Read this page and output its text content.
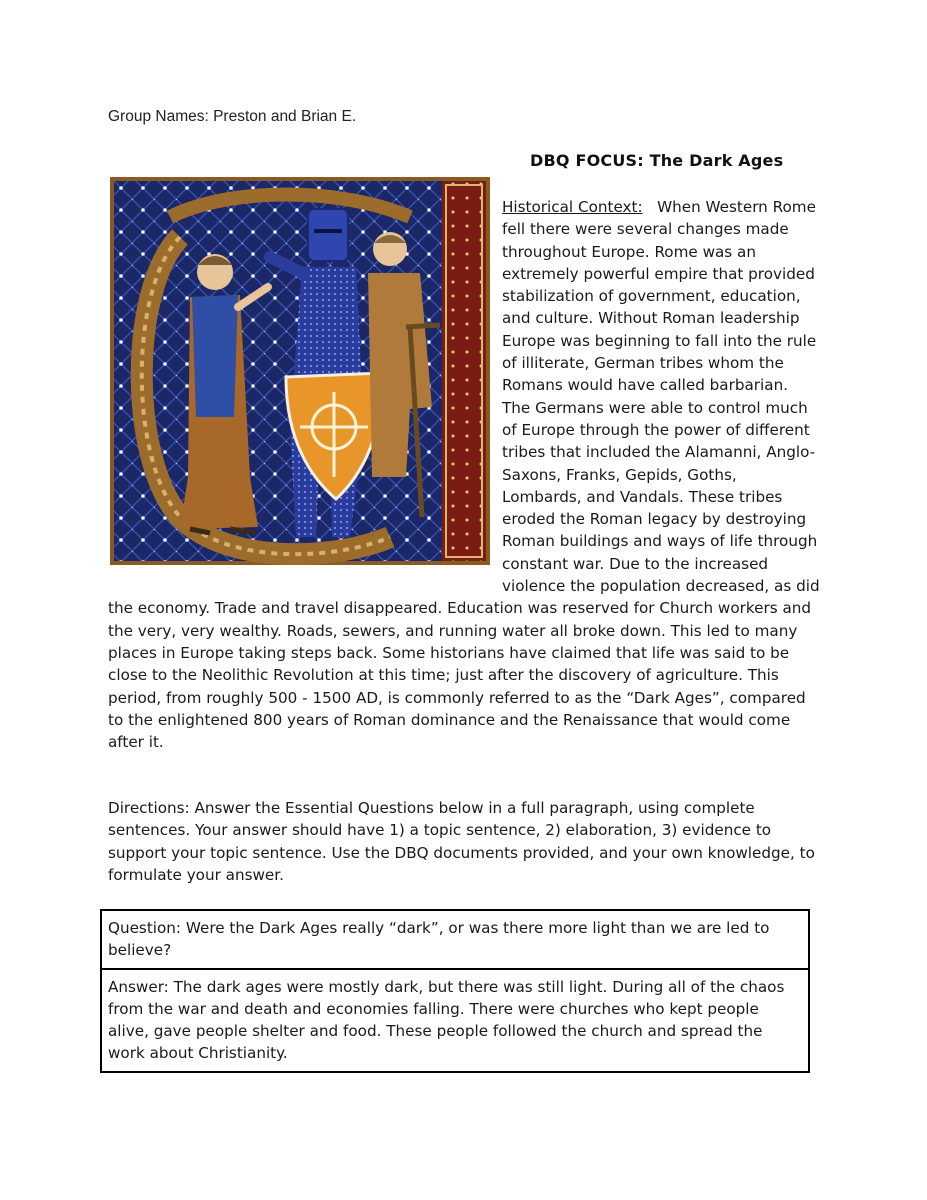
Group Names: Preston and Brian E.
DBQ FOCUS: The Dark Ages
Historical Context: When Western Rome fell there were several changes made throughout Europe. Rome was an extremely powerful empire that provided stabilization of government, education, and culture. Without Roman leadership Europe was beginning to fall into the rule of illiterate, German tribes whom the Romans would have called barbarian. The Germans were able to control much of Europe through the power of different tribes that included the Alamanni, Anglo-Saxons, Franks, Gepids, Goths, Lombards, and Vandals. These tribes eroded the Roman legacy by destroying Roman buildings and ways of life through constant war. Due to the increased violence the population decreased, as did the economy. Trade and travel disappeared. Education was reserved for Church workers and the very, very wealthy. Roads, sewers, and running water all broke down. This led to many places in Europe taking steps back. Some historians have claimed that life was said to be close to the Neolithic Revolution at this time; just after the discovery of agriculture. This period, from roughly 500 - 1500 AD, is commonly referred to as the “Dark Ages”, compared to the enlightened 800 years of Roman dominance and the Renaissance that would come after it.
Directions: Answer the Essential Questions below in a full paragraph, using complete sentences. Your answer should have 1) a topic sentence, 2) elaboration, 3) evidence to support your topic sentence. Use the DBQ documents provided, and your own knowledge, to formulate your answer.
Question: Were the Dark Ages really “dark”, or was there more light than we are led to believe?
Answer: The dark ages were mostly dark, but there was still light. During all of the chaos from the war and death and economies falling. There were churches who kept people alive, gave people shelter and food. These people followed the church and spread the work about Christianity.
